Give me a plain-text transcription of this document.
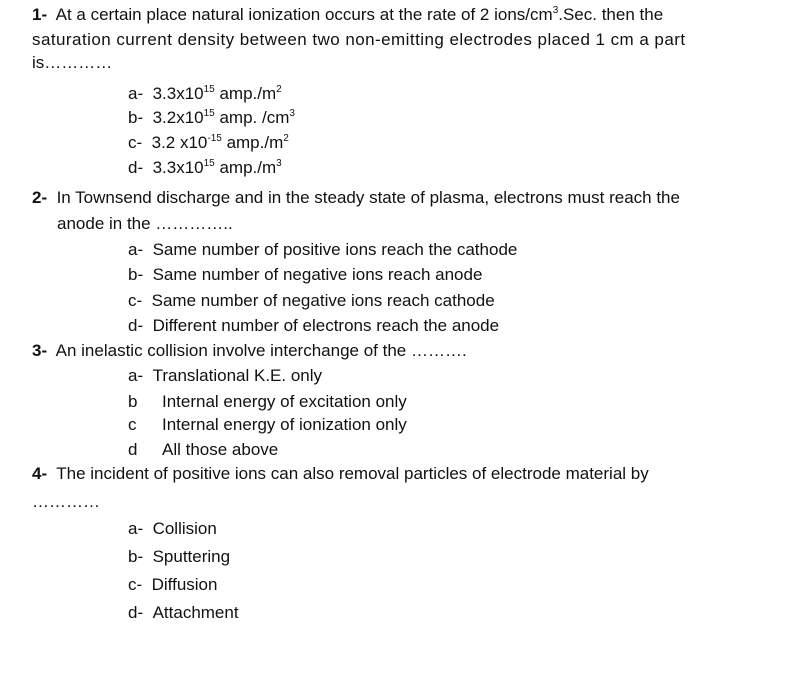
1- At a certain place natural ionization occurs at the rate of 2 ions/$cm^3.Sec$. then the
saturation current density between two non-emitting electrodes placed 1 cm a part
is…………
a- $3.3x10^{15}$ $amp./m^2$
b- $3.2x10^{15}$ amp. $/cm^3$
c- 3.2 $x10^{-15}$ $amp./m^2$
d- $3.3x10^{15}$ $amp./m^3$
2- In Townsend discharge and in the steady state of plasma, electrons must reach the
anode in the …………..
a- Same number of positive ions reach the cathode
b- Same number of negative ions reach anode
c- Same number of negative ions reach cathode
d- Different number of electrons reach the anode
3- An inelastic collision involve interchange of the ……….
a- Translational K.E. only
b Internal energy of excitation only
c Internal energy of ionization only
d All those above
4- The incident of positive ions can also removal particles of electrode material by
…………
a- Collision
b- Sputtering
c- Diffusion
d- Attachment
